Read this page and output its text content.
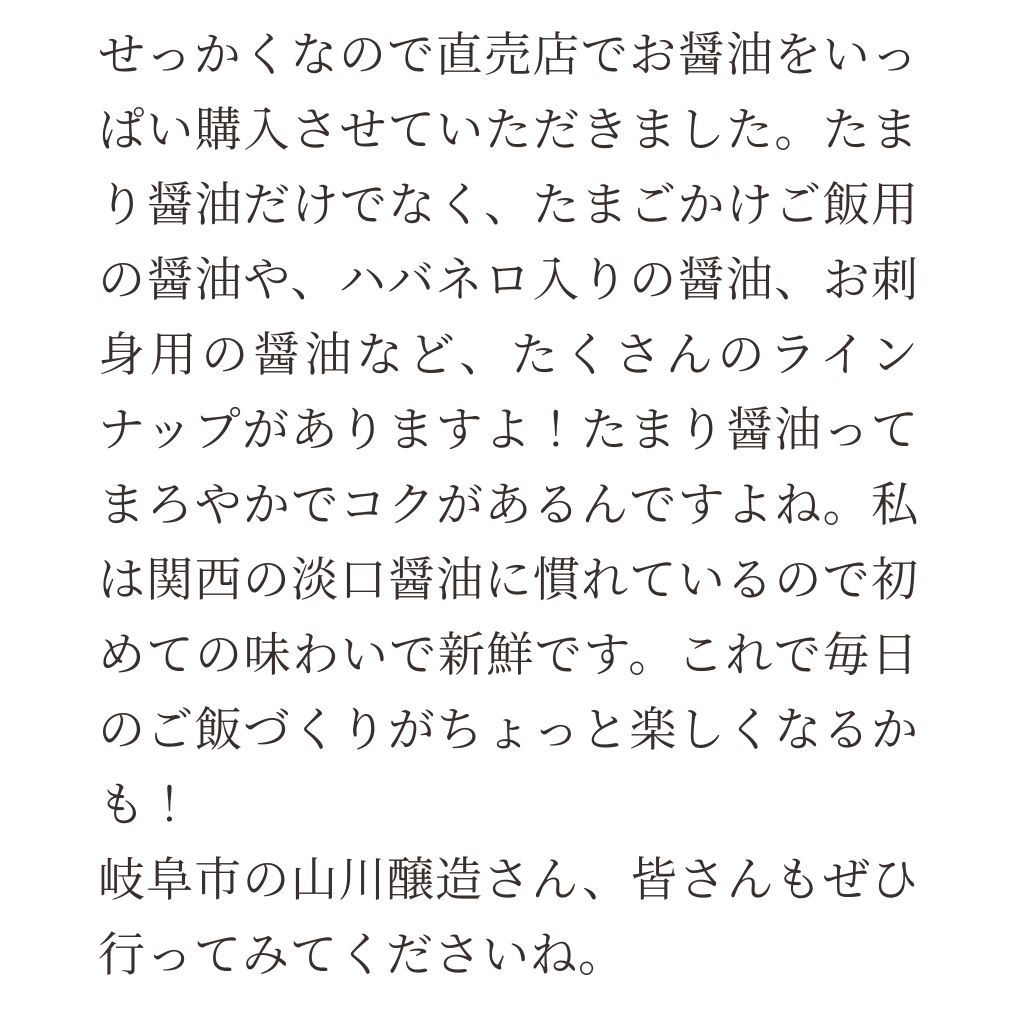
せっかくなので直売店でお醤油をいっ
ぱい購入させていただきました。たま
り醤油だけでなく、たまごかけご飯用
の醤油や、ハバネロ入りの醤油、お刺
身用の醤油など、たくさんのライン
ナップがありますよ！たまり醤油って
まろやかでコクがあるんですよね。私
は関西の淡口醤油に慣れているので初
めての味わいで新鮮です。これで毎日
のご飯づくりがちょっと楽しくなるか
も！

岐阜市の山川醸造さん、皆さんもぜひ
行ってみてくださいね。
